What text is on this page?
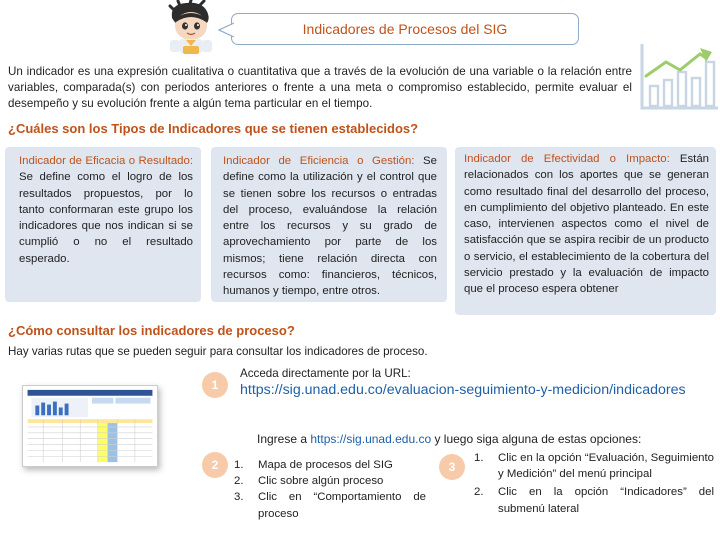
Indicadores de Procesos del SIG

Un indicador es una expresión cualitativa o cuantitativa que a través de la evolución de una variable o la relación entre variables, comparada(s) con periodos anteriores o frente a una meta o compromiso establecido, permite evaluar el desempeño y su evolución frente a algún tema particular en el tiempo.

¿Cuáles son los Tipos de Indicadores que se tienen establecidos?
Indicador de Eficacia o Resultado: Se define como el logro de los resultados propuestos, por lo tanto conformaran este grupo los indicadores que nos indican si se cumplió o no el resultado esperado.
Indicador de Eficiencia o Gestión: Se define como la utilización y el control que se tienen sobre los recursos o entradas del proceso, evaluándose la relación entre los recursos y su grado de aprovechamiento por parte de los mismos; tiene relación directa con recursos como: financieros, técnicos, humanos y tiempo, entre otros.
Indicador de Efectividad o Impacto: Están relacionados con los aportes que se generan como resultado final del desarrollo del proceso, en cumplimiento del objetivo planteado. En este caso, intervienen aspectos como el nivel de satisfacción que se aspira recibir de un producto o servicio, el establecimiento de la cobertura del servicio prestado y la evaluación de impacto que el proceso espera obtener
¿Cómo consultar los indicadores de proceso?
Hay varias rutas que se pueden seguir para consultar los indicadores de proceso.
1
Acceda directamente por la URL:
https://sig.unad.edu.co/evaluacion-seguimiento-y-medicion/indicadores
Ingrese a https://sig.unad.edu.co y luego siga alguna de estas opciones:
2	1.	Mapa de procesos del SIG
2.	Clic sobre algún proceso
3.	Clic en “Comportamiento de proceso
3
1.	Clic en la opción “Evaluación, Seguimiento y Medición” del menú principal
2.	Clic en la opción “Indicadores” del submenú lateral
